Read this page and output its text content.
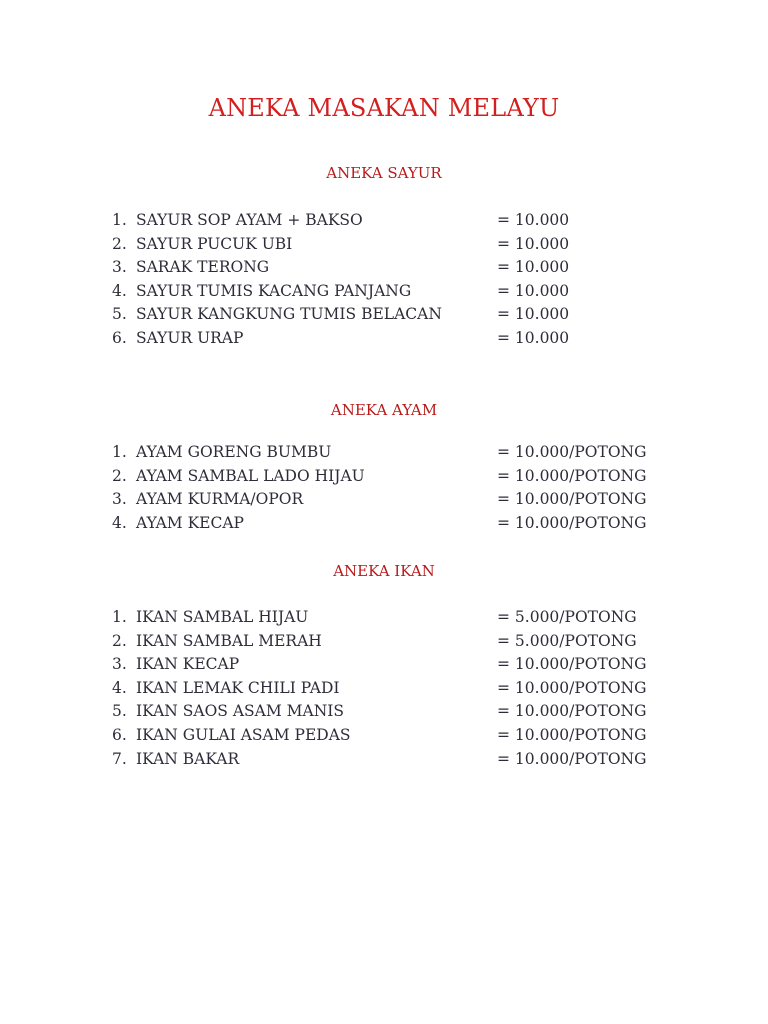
ANEKA MASAKAN MELAYU
ANEKA SAYUR
1. SAYUR SOP AYAM + BAKSO	= 10.000
2. SAYUR PUCUK UBI	= 10.000
3. SARAK TERONG	= 10.000
4. SAYUR TUMIS KACANG PANJANG	= 10.000
5. SAYUR KANGKUNG TUMIS BELACAN	= 10.000
6. SAYUR URAP	= 10.000
ANEKA AYAM
1. AYAM GORENG BUMBU	= 10.000/POTONG
2. AYAM SAMBAL LADO HIJAU	= 10.000/POTONG
3. AYAM KURMA/OPOR	= 10.000/POTONG
4. AYAM KECAP	= 10.000/POTONG
ANEKA IKAN
1. IKAN SAMBAL HIJAU	= 5.000/POTONG
2. IKAN SAMBAL MERAH	= 5.000/POTONG
3. IKAN KECAP	= 10.000/POTONG
4. IKAN LEMAK CHILI PADI	= 10.000/POTONG
5. IKAN SAOS ASAM MANIS	= 10.000/POTONG
6. IKAN GULAI ASAM PEDAS	= 10.000/POTONG
7. IKAN BAKAR	= 10.000/POTONG
